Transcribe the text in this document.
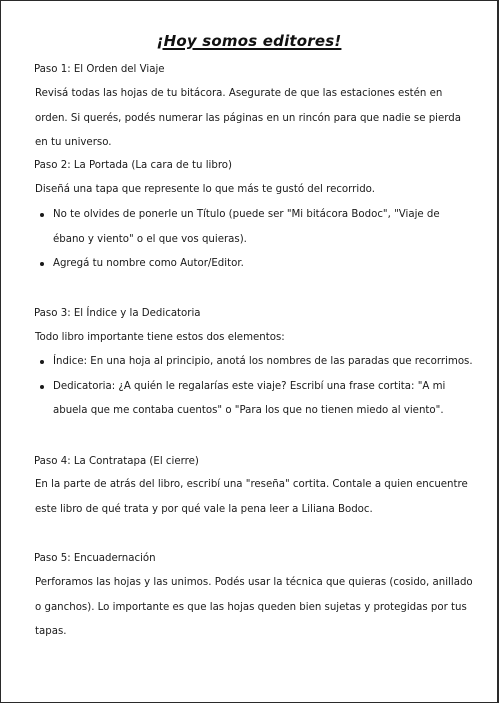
¡Hoy somos editores!
Paso 1: El Orden del Viaje
Revisá todas las hojas de tu bitácora. Asegurate de que las estaciones estén en orden. Si querés, podés numerar las páginas en un rincón para que nadie se pierda en tu universo.
Paso 2: La Portada (La cara de tu libro)
Diseñá una tapa que represente lo que más te gustó del recorrido.
No te olvides de ponerle un Título (puede ser "Mi bitácora Bodoc", "Viaje de ébano y viento" o el que vos quieras).
Agregá tu nombre como Autor/Editor.
Paso 3: El Índice y la Dedicatoria
Todo libro importante tiene estos dos elementos:
Índice: En una hoja al principio, anotá los nombres de las paradas que recorrimos.
Dedicatoria: ¿A quién le regalarías este viaje? Escribí una frase cortita: "A mi abuela que me contaba cuentos" o "Para los que no tienen miedo al viento".
Paso 4: La Contratapa (El cierre)
En la parte de atrás del libro, escribí una "reseña" cortita. Contale a quien encuentre este libro de qué trata y por qué vale la pena leer a Liliana Bodoc.
Paso 5: Encuadernación
Perforamos las hojas y las unimos. Podés usar la técnica que quieras (cosido, anillado o ganchos). Lo importante es que las hojas queden bien sujetas y protegidas por tus tapas.
